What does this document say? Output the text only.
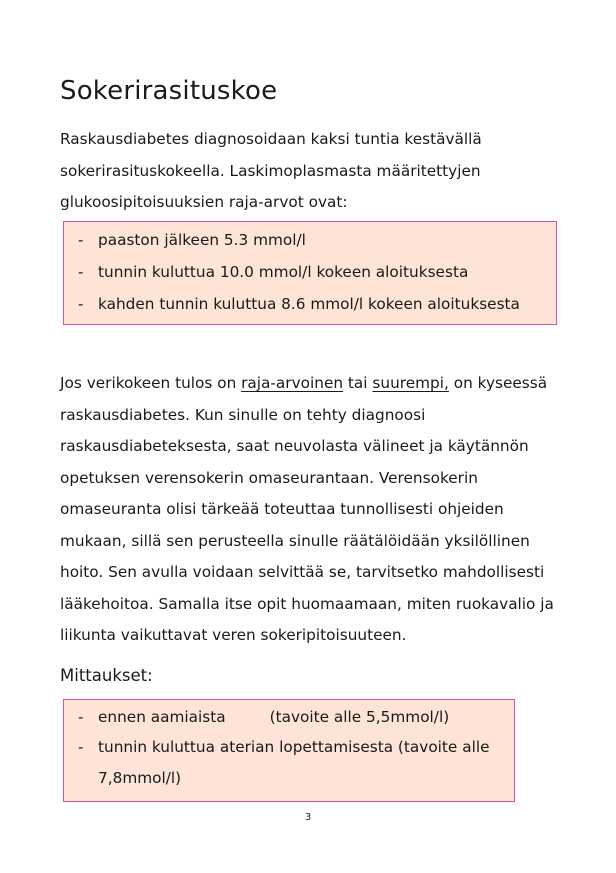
Sokerirasituskoe

Raskausdiabetes diagnosoidaan kaksi tuntia kestävällä sokerirasituskokeella. Laskimoplasmasta määritettyjen glukoosipitoisuuksien raja-arvot ovat:

- paaston jälkeen 5.3 mmol/l
- tunnin kuluttua 10.0 mmol/l kokeen aloituksesta
- kahden tunnin kuluttua 8.6 mmol/l kokeen aloituksesta

Jos verikokeen tulos on raja-arvoinen tai suurempi, on kyseessä raskausdiabetes. Kun sinulle on tehty diagnoosi raskausdiabeteksesta, saat neuvolasta välineet ja käytännön opetuksen verensokerin omaseurantaan. Verensokerin omaseuranta olisi tärkeää toteuttaa tunnollisesti ohjeiden mukaan, sillä sen perusteella sinulle räätälöidään yksilöllinen hoito. Sen avulla voidaan selvittää se, tarvitsetko mahdollisesti lääkehoitoa. Samalla itse opit huomaamaan, miten ruokavalio ja liikunta vaikuttavat veren sokeripitoisuuteen.

Mittaukset:
- ennen aamiaista	(tavoite alle 5,5mmol/l)
- tunnin kuluttua aterian lopettamisesta (tavoite alle
7,8mmol/l)
3
